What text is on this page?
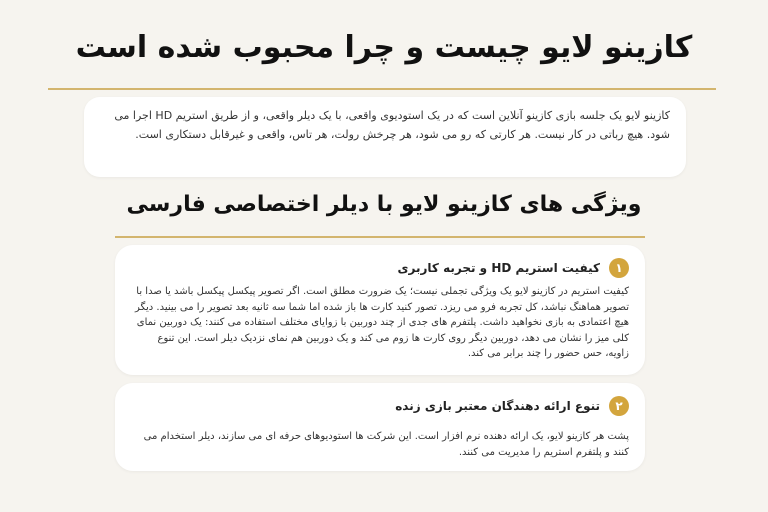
کازینو لایو چیست و چرا محبوب شده است

کازینو لایو یک جلسه بازی کازینو آنلاین است که در یک استودیوی واقعی، با یک دیلر واقعی، و از طریق استریم HD اجرا می شود. هیچ رباتی در کار نیست. هر کارتی که رو می شود، هر چرخش رولت، هر تاس، واقعی و غیرقابل دستکاری است.

ویژگی های کازینو لایو با دیلر اختصاصی فارسی
۱
کیفیت استریم HD و تجربه کاربری

کیفیت استریم در کازینو لایو یک ویژگی تجملی نیست؛ یک ضرورت مطلق است. اگر تصویر پیکسل پیکسل باشد یا صدا با تصویر هماهنگ نباشد، کل تجربه فرو می ریزد. تصور کنید کارت ها باز شده اما شما سه ثانیه بعد تصویر را می بینید. دیگر هیچ اعتمادی به بازی نخواهید داشت. پلتفرم های جدی از چند دوربین با زوایای مختلف استفاده می کنند: یک دوربین نمای کلی میز را نشان می دهد، دوربین دیگر روی کارت ها زوم می کند و یک دوربین هم نمای نزدیک دیلر است. این تنوع زاویه، حس حضور را چند برابر می کند.

۲
تنوع ارائه دهندگان معتبر بازی زنده

پشت هر کازینو لایو، یک ارائه دهنده نرم افزار است. این شرکت ها استودیوهای حرفه ای می سازند، دیلر استخدام می کنند و پلتفرم استریم را مدیریت می کنند.
